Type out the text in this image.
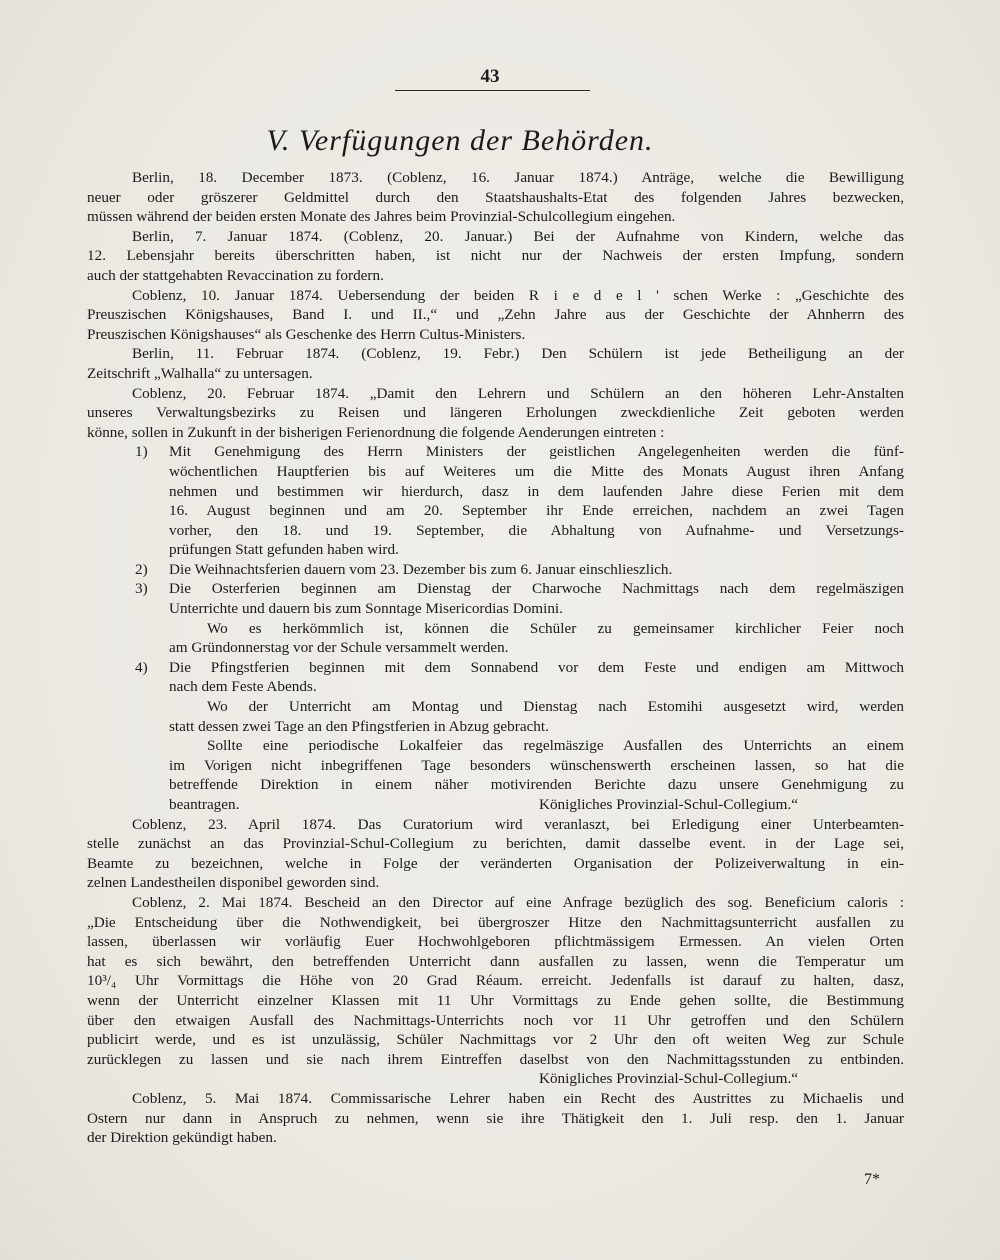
43
V. Verfügungen der Behörden.
Berlin, 18. December 1873. (Coblenz, 16. Januar 1874.) Anträge, welche die Bewilligung
neuer oder gröszerer Geldmittel durch den Staatshaushalts-Etat des folgenden Jahres bezwecken,
müssen während der beiden ersten Monate des Jahres beim Provinzial-Schulcollegium eingehen.
Berlin, 7. Januar 1874. (Coblenz, 20. Januar.) Bei der Aufnahme von Kindern, welche das
12. Lebensjahr bereits überschritten haben, ist nicht nur der Nachweis der ersten Impfung, sondern
auch der stattgehabten Revaccination zu fordern.
Coblenz, 10. Januar 1874. Uebersendung der beiden R i e d e l ' schen Werke : „Geschichte des
Preuszischen Königshauses, Band I. und II.,“ und „Zehn Jahre aus der Geschichte der Ahnherrn des
Preuszischen Königshauses“ als Geschenke des Herrn Cultus-Ministers.
Berlin, 11. Februar 1874. (Coblenz, 19. Febr.) Den Schülern ist jede Betheiligung an der
Zeitschrift „Walhalla“ zu untersagen.
Coblenz, 20. Februar 1874. „Damit den Lehrern und Schülern an den höheren Lehr-Anstalten
unseres Verwaltungsbezirks zu Reisen und längeren Erholungen zweckdienliche Zeit geboten werden
könne, sollen in Zukunft in der bisherigen Ferienordnung die folgende Aenderungen eintreten :
1) Mit Genehmigung des Herrn Ministers der geistlichen Angelegenheiten werden die fünf-
wöchentlichen Hauptferien bis auf Weiteres um die Mitte des Monats August ihren Anfang
nehmen und bestimmen wir hierdurch, dasz in dem laufenden Jahre diese Ferien mit dem
16. August beginnen und am 20. September ihr Ende erreichen, nachdem an zwei Tagen
vorher, den 18. und 19. September, die Abhaltung von Aufnahme- und Versetzungs-
prüfungen Statt gefunden haben wird.
2) Die Weihnachtsferien dauern vom 23. Dezember bis zum 6. Januar einschlieszlich.
3) Die Osterferien beginnen am Dienstag der Charwoche Nachmittags nach dem regelmäszigen
Unterrichte und dauern bis zum Sonntage Misericordias Domini.
Wo es herkömmlich ist, können die Schüler zu gemeinsamer kirchlicher Feier noch
am Gründonnerstag vor der Schule versammelt werden.
4) Die Pfingstferien beginnen mit dem Sonnabend vor dem Feste und endigen am Mittwoch
nach dem Feste Abends.
Wo der Unterricht am Montag und Dienstag nach Estomihi ausgesetzt wird, werden
statt dessen zwei Tage an den Pfingstferien in Abzug gebracht.
Sollte eine periodische Lokalfeier das regelmäszige Ausfallen des Unterrichts an einem
im Vorigen nicht inbegriffenen Tage besonders wünschenswerth erscheinen lassen, so hat die
betreffende Direktion in einem näher motivirenden Berichte dazu unsere Genehmigung zu
beantragen.	Königliches Provinzial-Schul-Collegium.“
Coblenz, 23. April 1874. Das Curatorium wird veranlaszt, bei Erledigung einer Unterbeamten-
stelle zunächst an das Provinzial-Schul-Collegium zu berichten, damit dasselbe event. in der Lage sei,
Beamte zu bezeichnen, welche in Folge der veränderten Organisation der Polizeiverwaltung in ein-
zelnen Landestheilen disponibel geworden sind.
Coblenz, 2. Mai 1874. Bescheid an den Director auf eine Anfrage bezüglich des sog. Beneficium caloris :
„Die Entscheidung über die Nothwendigkeit, bei übergroszer Hitze den Nachmittagsunterricht ausfallen zu
lassen, überlassen wir vorläufig Euer Hochwohlgeboren pflichtmässigem Ermessen. An vielen Orten
hat es sich bewährt, den betreffenden Unterricht dann ausfallen zu lassen, wenn die Temperatur um
10³/₄ Uhr Vormittags die Höhe von 20 Grad Réaum. erreicht. Jedenfalls ist darauf zu halten, dasz,
wenn der Unterricht einzelner Klassen mit 11 Uhr Vormittags zu Ende gehen sollte, die Bestimmung
über den etwaigen Ausfall des Nachmittags-Unterrichts noch vor 11 Uhr getroffen und den Schülern
publicirt werde, und es ist unzulässig, Schüler Nachmittags vor 2 Uhr den oft weiten Weg zur Schule
zurücklegen zu lassen und sie nach ihrem Eintreffen daselbst von den Nachmittagsstunden zu entbinden.
Königliches Provinzial-Schul-Collegium.“
Coblenz, 5. Mai 1874. Commissarische Lehrer haben ein Recht des Austrittes zu Michaelis und
Ostern nur dann in Anspruch zu nehmen, wenn sie ihre Thätigkeit den 1. Juli resp. den 1. Januar
der Direktion gekündigt haben.
7*
